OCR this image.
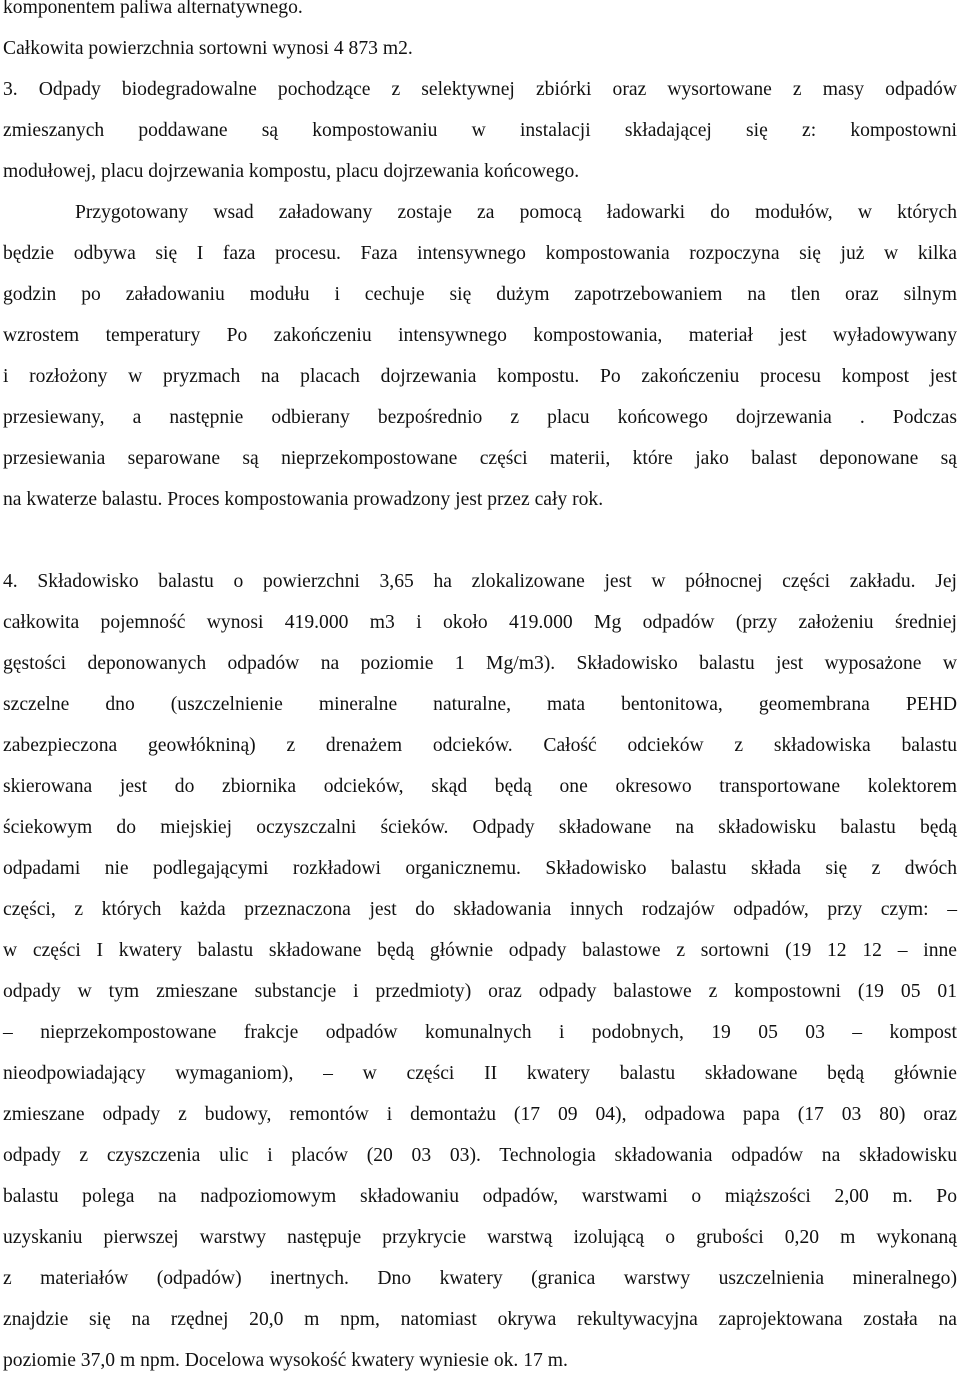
komponentem paliwa alternatywnego.
Całkowita powierzchnia sortowni wynosi 4 873 m2.
3. Odpady biodegradowalne pochodzące z selektywnej zbiórki oraz wysortowane z masy odpadów
zmieszanych poddawane są kompostowaniu w instalacji składającej się z: kompostowni
modułowej, placu dojrzewania kompostu, placu dojrzewania końcowego.
Przygotowany wsad załadowany zostaje za pomocą ładowarki do modułów, w których
będzie odbywa się I faza procesu. Faza intensywnego kompostowania rozpoczyna się już w kilka
godzin po załadowaniu modułu i cechuje się dużym zapotrzebowaniem na tlen oraz silnym
wzrostem temperatury Po zakończeniu intensywnego kompostowania, materiał jest wyładowywany
i rozłożony w pryzmach na placach dojrzewania kompostu. Po zakończeniu procesu kompost jest
przesiewany, a następnie odbierany bezpośrednio z placu końcowego dojrzewania . Podczas
przesiewania separowane są nieprzekompostowane części materii, które jako balast deponowane są
na kwaterze balastu. Proces kompostowania prowadzony jest przez cały rok.
4. Składowisko balastu o powierzchni 3,65 ha zlokalizowane jest w północnej części zakładu. Jej
całkowita pojemność wynosi 419.000 m3 i około 419.000 Mg odpadów (przy założeniu średniej
gęstości deponowanych odpadów na poziomie 1 Mg/m3). Składowisko balastu jest wyposażone w
szczelne dno (uszczelnienie mineralne naturalne, mata bentonitowa, geomembrana PEHD
zabezpieczona geowłókniną) z drenażem odcieków. Całość odcieków z składowiska balastu
skierowana jest do zbiornika odcieków, skąd będą one okresowo transportowane kolektorem
ściekowym do miejskiej oczyszczalni ścieków. Odpady składowane na składowisku balastu będą
odpadami nie podlegającymi rozkładowi organicznemu. Składowisko balastu składa się z dwóch
części, z których każda przeznaczona jest do składowania innych rodzajów odpadów, przy czym: –
w części I kwatery balastu składowane będą głównie odpady balastowe z sortowni (19 12 12 – inne
odpady w tym zmieszane substancje i przedmioty) oraz odpady balastowe z kompostowni (19 05 01
– nieprzekompostowane frakcje odpadów komunalnych i podobnych, 19 05 03 – kompost
nieodpowiadający wymaganiom), – w części II kwatery balastu składowane będą głównie
zmieszane odpady z budowy, remontów i demontażu (17 09 04), odpadowa papa (17 03 80) oraz
odpady z czyszczenia ulic i placów (20 03 03). Technologia składowania odpadów na składowisku
balastu polega na nadpoziomowym składowaniu odpadów, warstwami o miąższości 2,00 m. Po
uzyskaniu pierwszej warstwy następuje przykrycie warstwą izolującą o grubości 0,20 m wykonaną
z materiałów (odpadów) inertnych. Dno kwatery (granica warstwy uszczelnienia mineralnego)
znajdzie się na rzędnej 20,0 m npm, natomiast okrywa rekultywacyjna zaprojektowana została na
poziomie 37,0 m npm. Docelowa wysokość kwatery wyniesie ok. 17 m.
